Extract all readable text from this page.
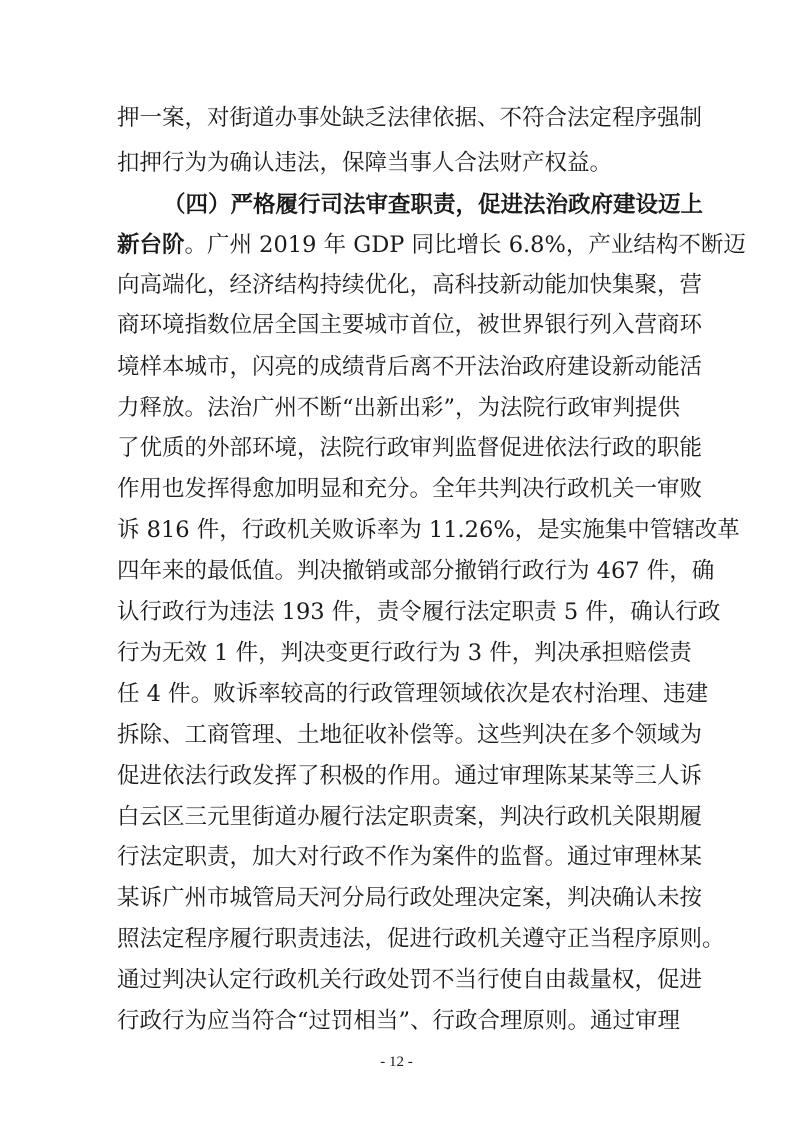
押一案，对街道办事处缺乏法律依据、不符合法定程序强制
扣押行为为确认违法，保障当事人合法财产权益。
（四）严格履行司法审查职责，促进法治政府建设迈上
新台阶。广州 2019 年 GDP 同比增长 6.8%，产业结构不断迈
向高端化，经济结构持续优化，高科技新动能加快集聚，营
商环境指数位居全国主要城市首位，被世界银行列入营商环
境样本城市，闪亮的成绩背后离不开法治政府建设新动能活
力释放。法治广州不断“出新出彩”，为法院行政审判提供
了优质的外部环境，法院行政审判监督促进依法行政的职能
作用也发挥得愈加明显和充分。全年共判决行政机关一审败
诉 816 件，行政机关败诉率为 11.26%，是实施集中管辖改革
四年来的最低值。判决撤销或部分撤销行政行为 467 件，确
认行政行为违法 193 件，责令履行法定职责 5 件，确认行政
行为无效 1 件，判决变更行政行为 3 件，判决承担赔偿责
任 4 件。败诉率较高的行政管理领域依次是农村治理、违建
拆除、工商管理、土地征收补偿等。这些判决在多个领域为
促进依法行政发挥了积极的作用。通过审理陈某某等三人诉
白云区三元里街道办履行法定职责案，判决行政机关限期履
行法定职责，加大对行政不作为案件的监督。通过审理林某
某诉广州市城管局天河分局行政处理决定案，判决确认未按
照法定程序履行职责违法，促进行政机关遵守正当程序原则。
通过判决认定行政机关行政处罚不当行使自由裁量权，促进
行政行为应当符合“过罚相当”、行政合理原则。通过审理
- 12 -
